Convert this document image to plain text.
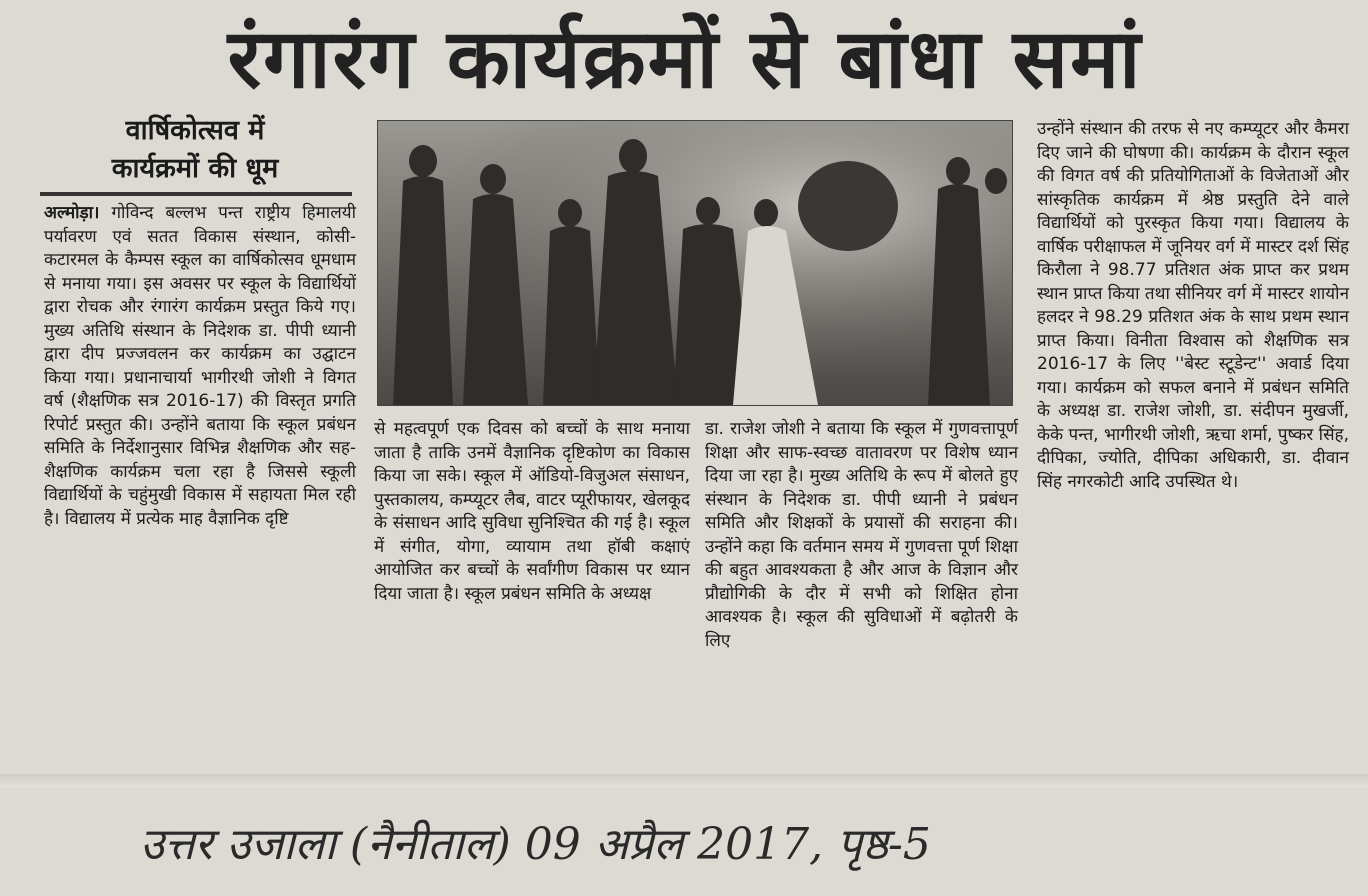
रंगारंग कार्यक्रमों से बांधा समां
वार्षिकोत्सव में
कार्यक्रमों की धूम
अल्मोड़ा। गोविन्द बल्लभ पन्त राष्ट्रीय हिमालयी पर्यावरण एवं सतत विकास संस्थान, कोसी-कटारमल के कैम्पस स्कूल का वार्षिकोत्सव धूमधाम से मनाया गया। इस अवसर पर स्कूल के विद्यार्थियों द्वारा रोचक और रंगारंग कार्यक्रम प्रस्तुत किये गए। मुख्य अतिथि संस्थान के निदेशक डा. पीपी ध्यानी द्वारा दीप प्रज्जवलन कर कार्यक्रम का उद्घाटन किया गया। प्रधानाचार्या भागीरथी जोशी ने विगत वर्ष (शैक्षणिक सत्र 2016-17) की विस्तृत प्रगति रिपोर्ट प्रस्तुत की। उन्होंने बताया कि स्कूल प्रबंधन समिति के निर्देशानुसार विभिन्न शैक्षणिक और सह-शैक्षणिक कार्यक्रम चला रहा है जिससे स्कूली विद्यार्थियों के चहुंमुखी विकास में सहायता मिल रही है। विद्यालय में प्रत्येक माह वैज्ञानिक दृष्टि
से महत्वपूर्ण एक दिवस को बच्चों के साथ मनाया जाता है ताकि उनमें वैज्ञानिक दृष्टिकोण का विकास किया जा सके। स्कूल में ऑडियो-विजुअल संसाधन, पुस्तकालय, कम्प्यूटर लैब, वाटर प्यूरीफायर, खेलकूद के संसाधन आदि सुविधा सुनिश्चित की गई है। स्कूल में संगीत, योगा, व्यायाम तथा हॉबी कक्षाएं आयोजित कर बच्चों के सर्वांगीण विकास पर ध्यान दिया जाता है। स्कूल प्रबंधन समिति के अध्यक्ष
डा. राजेश जोशी ने बताया कि स्कूल में गुणवत्तापूर्ण शिक्षा और साफ-स्वच्छ वातावरण पर विशेष ध्यान दिया जा रहा है। मुख्य अतिथि के रूप में बोलते हुए संस्थान के निदेशक डा. पीपी ध्यानी ने प्रबंधन समिति और शिक्षकों के प्रयासों की सराहना की। उन्होंने कहा कि वर्तमान समय में गुणवत्ता पूर्ण शिक्षा की बहुत आवश्यकता है और आज के विज्ञान और प्रौद्योगिकी के दौर में सभी को शिक्षित होना आवश्यक है। स्कूल की सुविधाओं में बढ़ोतरी के लिए
उन्होंने संस्थान की तरफ से नए कम्प्यूटर और कैमरा दिए जाने की घोषणा की। कार्यक्रम के दौरान स्कूल की विगत वर्ष की प्रतियोगिताओं के विजेताओं और सांस्कृतिक कार्यक्रम में श्रेष्ठ प्रस्तुति देने वाले विद्यार्थियों को पुरस्कृत किया गया। विद्यालय के वार्षिक परीक्षाफल में जूनियर वर्ग में मास्टर दर्श सिंह किरौला ने 98.77 प्रतिशत अंक प्राप्त कर प्रथम स्थान प्राप्त किया तथा सीनियर वर्ग में मास्टर शायोन हलदर ने 98.29 प्रतिशत अंक के साथ प्रथम स्थान प्राप्त किया। विनीता विश्वास को शैक्षणिक सत्र 2016-17 के लिए ''बेस्ट स्टूडेन्ट'' अवार्ड दिया गया। कार्यक्रम को सफल बनाने में प्रबंधन समिति के अध्यक्ष डा. राजेश जोशी, डा. संदीपन मुखर्जी, केके पन्त, भागीरथी जोशी, ऋचा शर्मा, पुष्कर सिंह, दीपिका, ज्योति, दीपिका अधिकारी, डा. दीवान सिंह नगरकोटी आदि उपस्थित थे।
उत्तर उजाला (नैनीताल) 09 अप्रैल 2017, पृष्ठ-5
